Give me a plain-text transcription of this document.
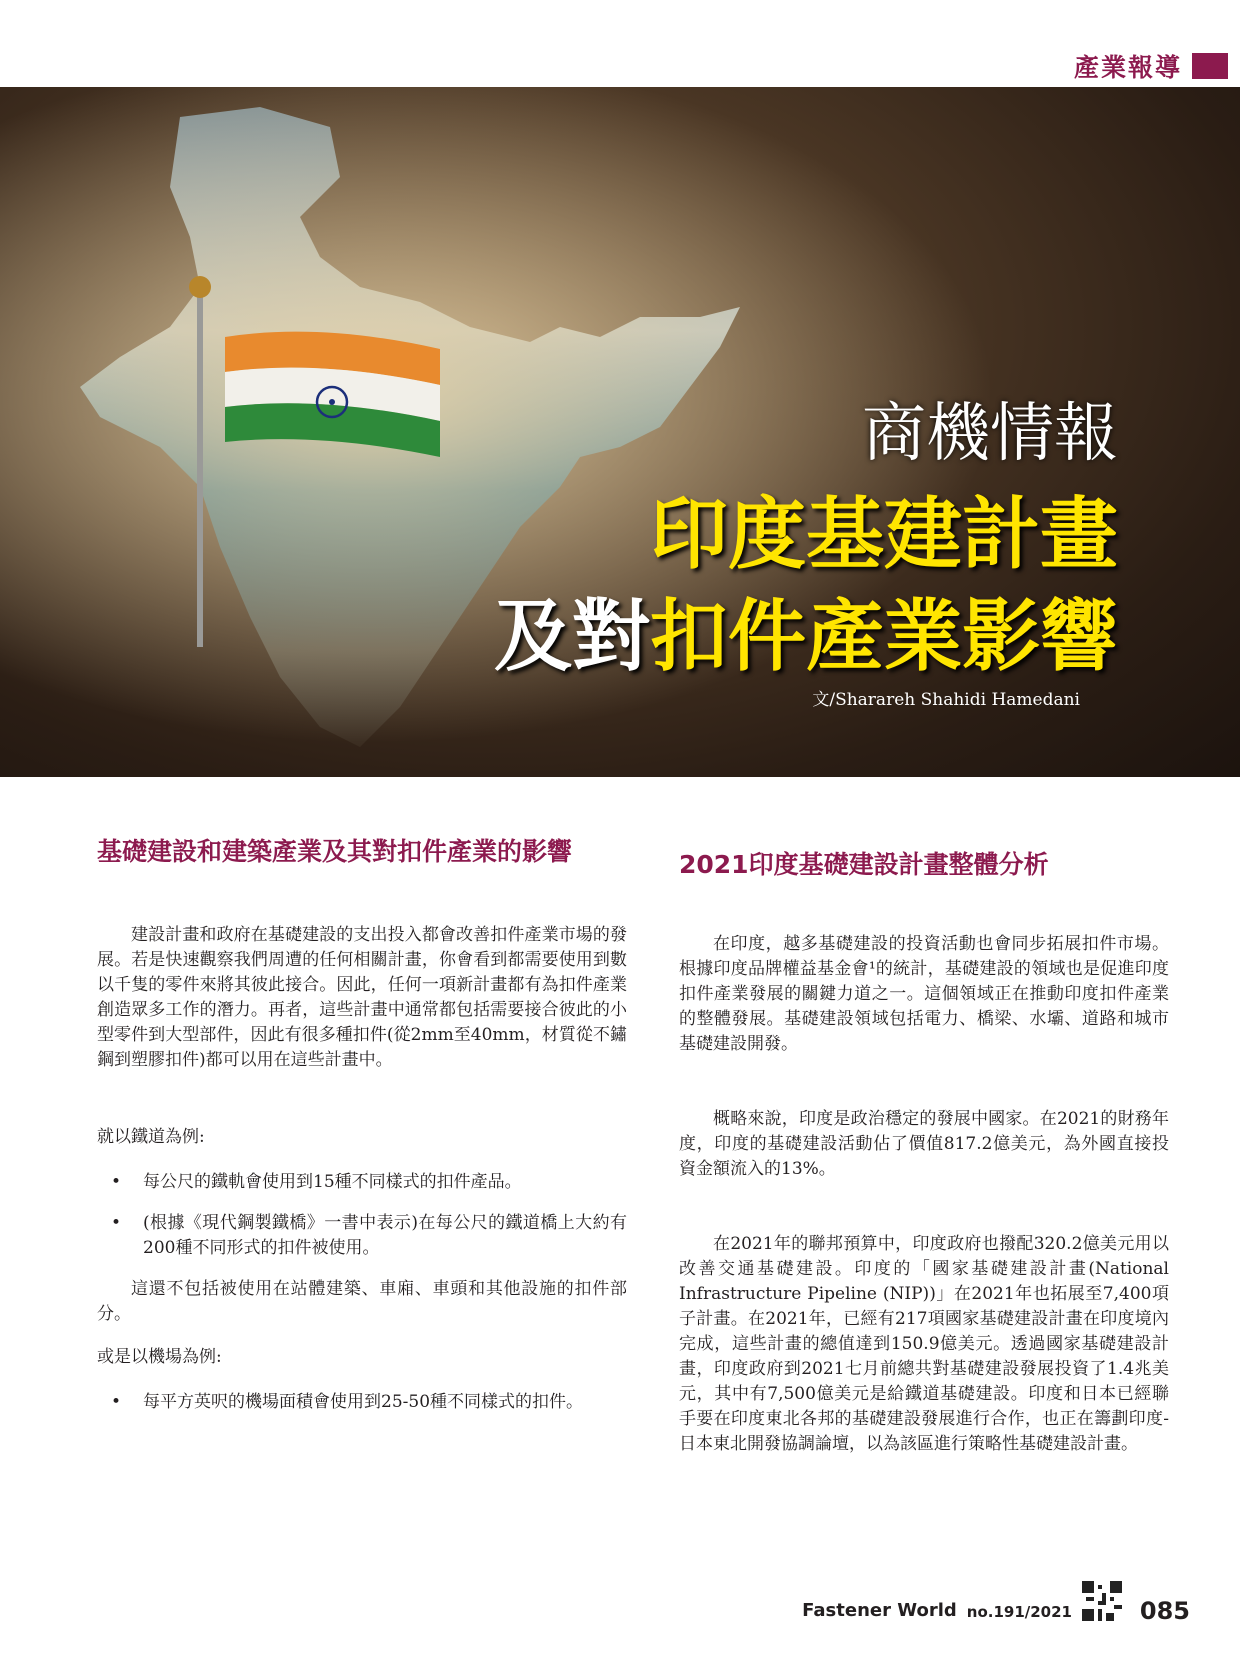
產業報導
商機情報
印度基建計畫
及對扣件產業影響
文/Sharareh Shahidi Hamedani
基礎建設和建築產業及其對扣件產業的影響

建設計畫和政府在基礎建設的支出投入都會改善扣件產業市場的發展。若是快速觀察我們周遭的任何相關計畫，你會看到都需要使用到數以千隻的零件來將其彼此接合。因此，任何一項新計畫都有為扣件產業創造眾多工作的潛力。再者，這些計畫中通常都包括需要接合彼此的小型零件到大型部件，因此有很多種扣件(從2mm至40mm，材質從不鏽鋼到塑膠扣件)都可以用在這些計畫中。

就以鐵道為例:

• 每公尺的鐵軌會使用到15種不同樣式的扣件產品。
• (根據《現代鋼製鐵橋》一書中表示)在每公尺的鐵道橋上大約有200種不同形式的扣件被使用。

這還不包括被使用在站體建築、車廂、車頭和其他設施的扣件部分。

或是以機場為例:

• 每平方英呎的機場面積會使用到25-50種不同樣式的扣件。
2021印度基礎建設計畫整體分析

在印度，越多基礎建設的投資活動也會同步拓展扣件市場。根據印度品牌權益基金會¹的統計，基礎建設的領域也是促進印度扣件產業發展的關鍵力道之一。這個領域正在推動印度扣件產業的整體發展。基礎建設領域包括電力、橋梁、水壩、道路和城市基礎建設開發。

概略來說，印度是政治穩定的發展中國家。在2021的財務年度，印度的基礎建設活動佔了價值817.2億美元，為外國直接投資金額流入的13%。

在2021年的聯邦預算中，印度政府也撥配320.2億美元用以改善交通基礎建設。印度的「國家基礎建設計畫(National Infrastructure Pipeline (NIP))」在2021年也拓展至7,400項子計畫。在2021年，已經有217項國家基礎建設計畫在印度境內完成，這些計畫的總值達到150.9億美元。透過國家基礎建設計畫，印度政府到2021七月前總共對基礎建設發展投資了1.4兆美元，其中有7,500億美元是給鐵道基礎建設。印度和日本已經聯手要在印度東北各邦的基礎建設發展進行合作，也正在籌劃印度-日本東北開發協調論壇，以為該區進行策略性基礎建設計畫。

Fastener World no.191/2021	085
